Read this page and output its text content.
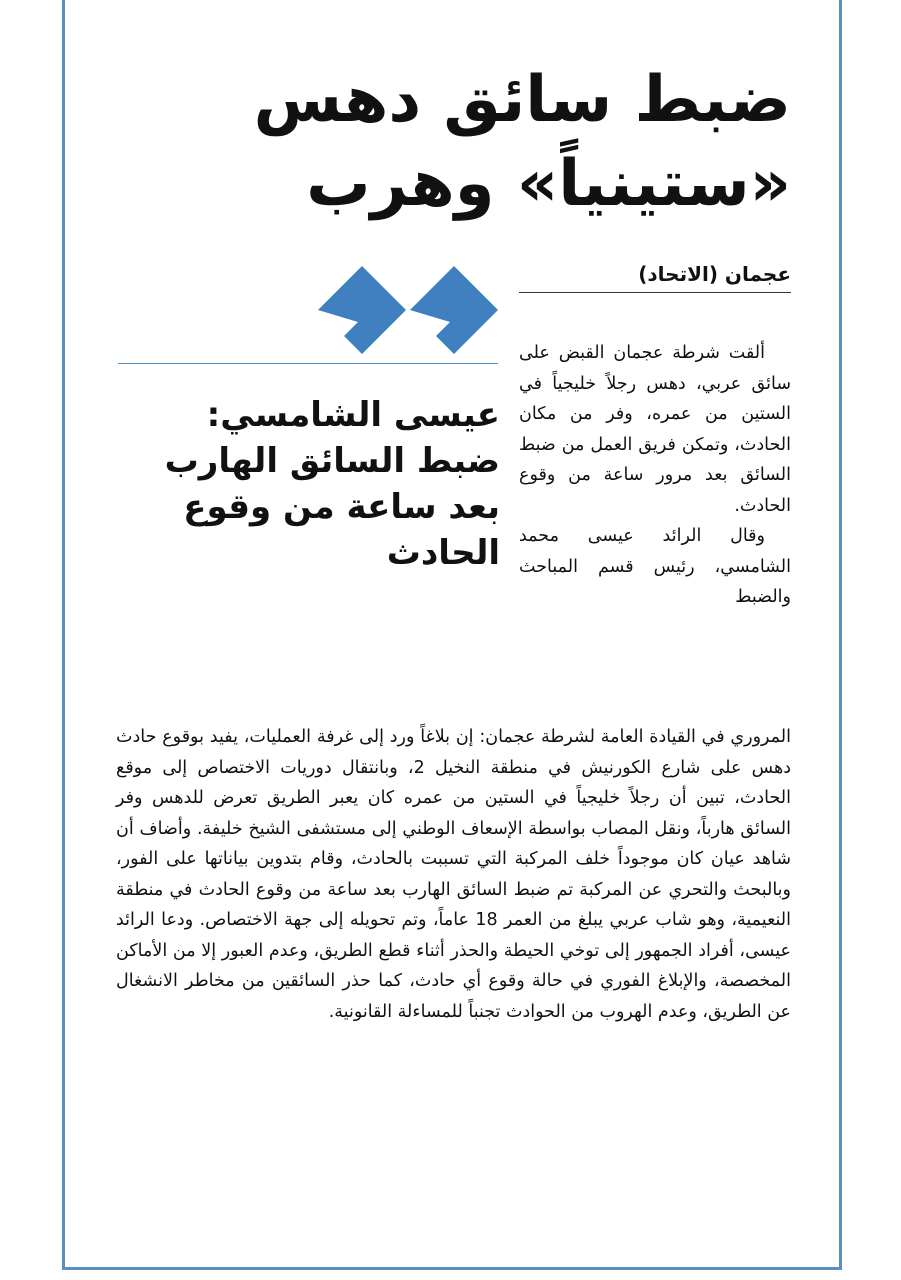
ضبط سائق دهس
«ستينياً» وهرب
عجمان (الاتحاد)
عيسى الشامسي: ضبط السائق الهارب بعد ساعة من وقوع الحادث

ألقت شرطة عجمان القبض على سائق عربي، دهس رجلاً خليجياً في الستين من عمره، وفر من مكان الحادث، وتمكن فريق العمل من ضبط السائق بعد مرور ساعة من وقوع الحادث.

وقال الرائد عيسى محمد الشامسي، رئيس قسم المباحث والضبط

المروري في القيادة العامة لشرطة عجمان: إن بلاغاً ورد إلى غرفة العمليات، يفيد بوقوع حادث دهس على شارع الكورنيش في منطقة النخيل 2، وبانتقال دوريات الاختصاص إلى موقع الحادث، تبين أن رجلاً خليجياً في الستين من عمره كان يعبر الطريق تعرض للدهس وفر السائق هارباً، ونقل المصاب بواسطة الإسعاف الوطني إلى مستشفى الشيخ خليفة. وأضاف أن شاهد عيان كان موجوداً خلف المركبة التي تسببت بالحادث، وقام بتدوين بياناتها على الفور، وبالبحث والتحري عن المركبة تم ضبط السائق الهارب بعد ساعة من وقوع الحادث في منطقة النعيمية، وهو شاب عربي يبلغ من العمر 18 عاماً، وتم تحويله إلى جهة الاختصاص. ودعا الرائد عيسى، أفراد الجمهور إلى توخي الحيطة والحذر أثناء قطع الطريق، وعدم العبور إلا من الأماكن المخصصة، والإبلاغ الفوري في حالة وقوع أي حادث، كما حذر السائقين من مخاطر الانشغال عن الطريق، وعدم الهروب من الحوادث تجنباً للمساءلة القانونية.
